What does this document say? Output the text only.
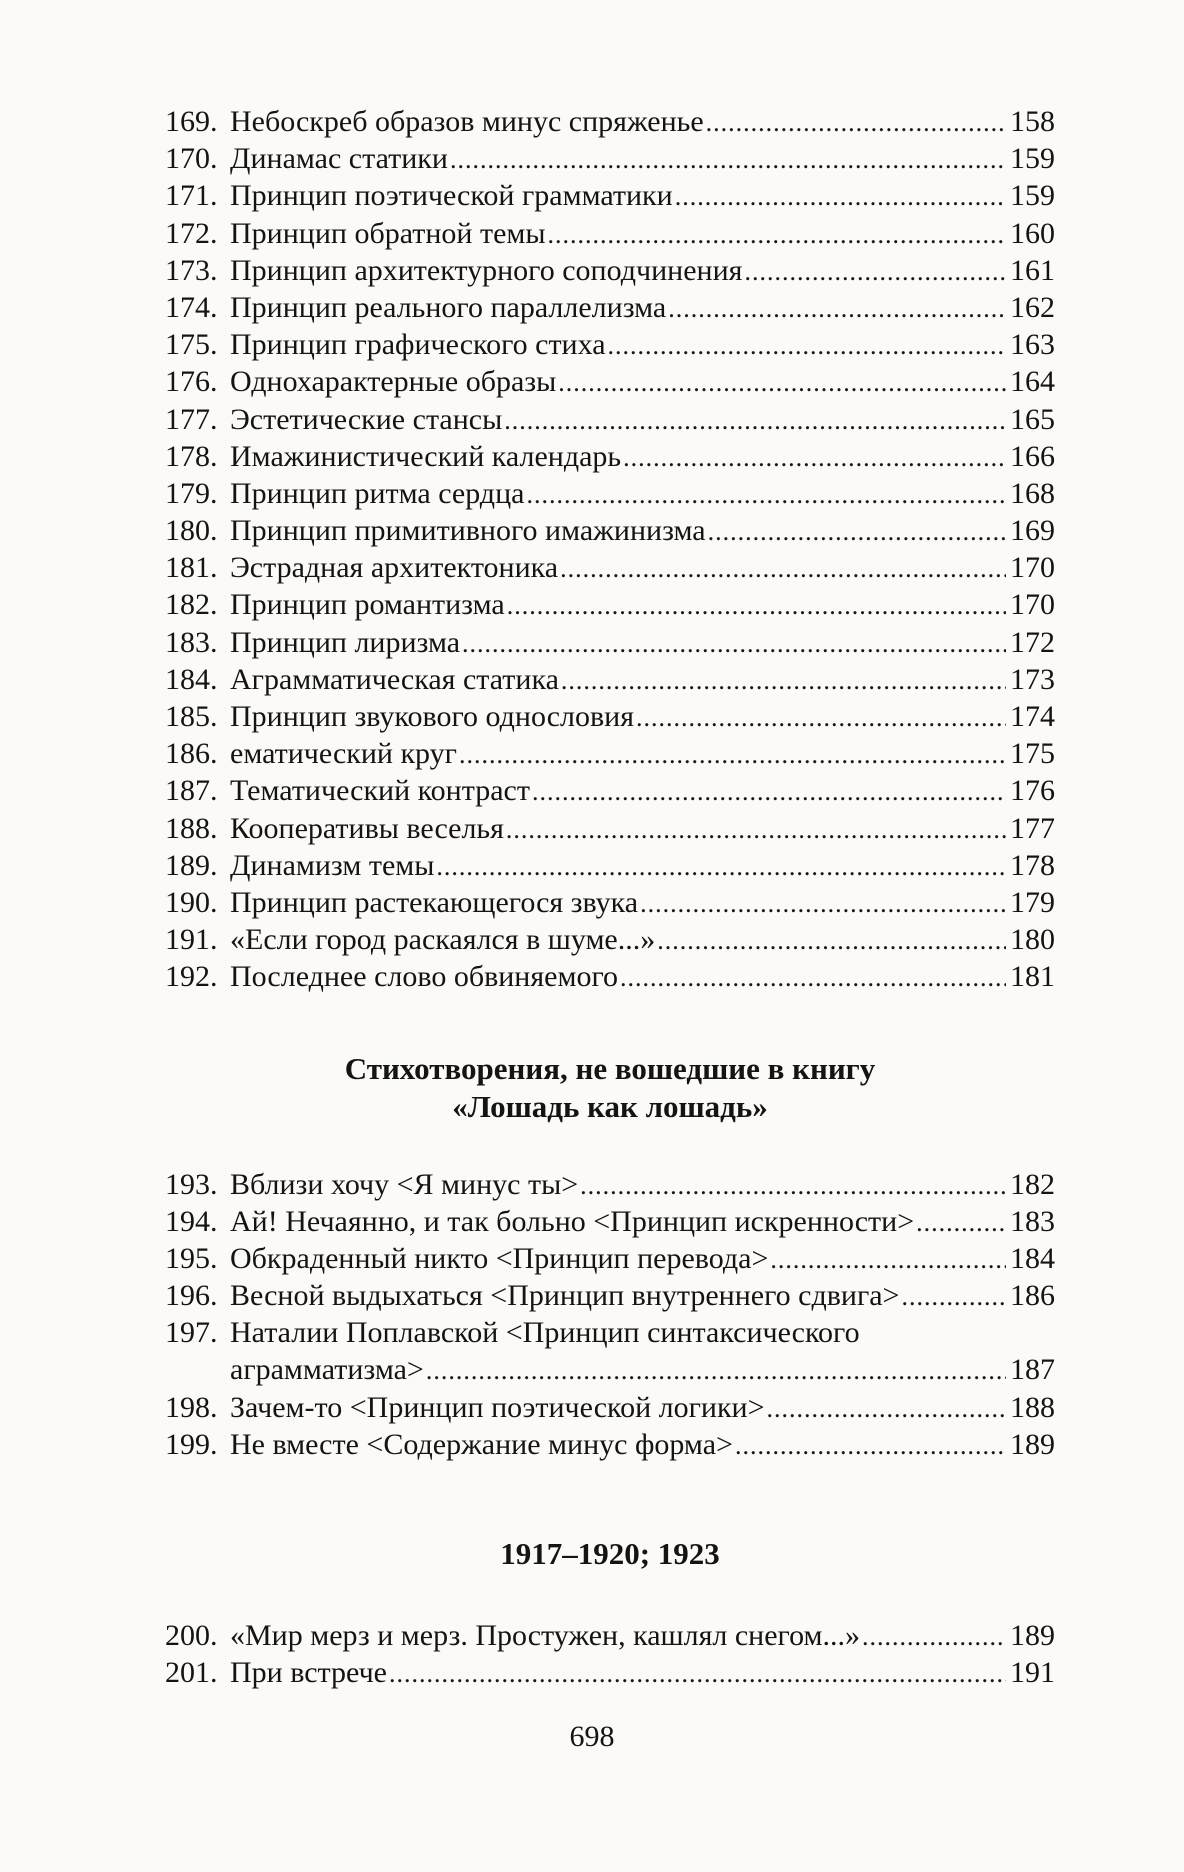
169. Небоскреб образов минус спряженье .....	158
170. Динамас статики .....	159
171. Принцип поэтической грамматики .....	159
172. Принцип обратной темы .....	160
173. Принцип архитектурного соподчинения .....	161
174. Принцип реального параллелизма .....	162
175. Принцип графического стиха .....	163
176. Однохарактерные образы .....	164
177. Эстетические стансы .....	165
178. Имажинистический календарь .....	166
179. Принцип ритма сердца .....	168
180. Принцип примитивного имажинизма .....	169
181. Эстрадная архитектоника .....	170
182. Принцип романтизма .....	170
183. Принцип лиризма .....	172
184. Аграмматическая статика .....	173
185. Принцип звукового однословия .....	174
186. ематический круг .....	175
187. Тематический контраст .....	176
188. Кооперативы веселья .....	177
189. Динамизм темы .....	178
190. Принцип растекающегося звука .....	179
191. «Если город раскаялся в шуме...» .....	180
192. Последнее слово обвиняемого .....	181
Стихотворения, не вошедшие в книгу
«Лошадь как лошадь»
193. Вблизи хочу <Я минус ты> .....	182
194. Ай! Нечаянно, и так больно <Принцип искренности> .....	183
195. Обкраденный никто <Принцип перевода> .....	184
196. Весной выдыхаться <Принцип внутреннего сдвига> .....	186
197. Наталии Поплавской <Принцип синтаксического
аграмматизма> .....	187
198. Зачем-то <Принцип поэтической логики> .....	188
199. Не вместе <Содержание минус форма> .....	189
1917–1920; 1923
200. «Мир мерз и мерз. Простужен, кашлял снегом...» .....	189
201. При встрече .....	191
698
